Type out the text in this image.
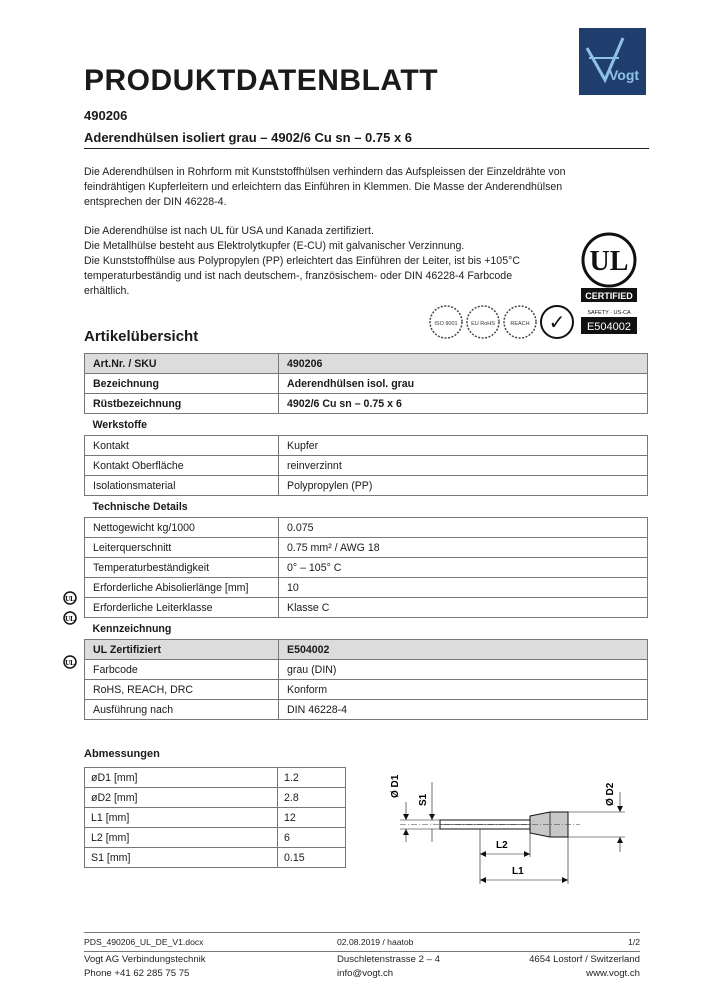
Vogt
PRODUKTDATENBLATT
490206
Aderendhülsen isoliert grau – 4902/6 Cu sn – 0.75 x 6
Die Aderendhülsen in Rohrform mit Kunststoffhülsen verhindern das Aufspleissen der Einzeldrähte von
feindrähtigen Kupferleitern und erleichtern das Einführen in Klemmen. Die Masse der Anderendhülsen
entsprechen der DIN 46228-4.
Die Aderendhülse ist nach UL für USA und Kanada zertifiziert.
Die Metallhülse besteht aus Elektrolytkupfer (E-CU) mit galvanischer Verzinnung.
Die Kunststoffhülse aus Polypropylen (PP) erleichtert das Einführen der Leiter, ist bis +105°C
temperaturbeständig und ist nach deutschem-, französischem- oder DIN 46228-4 Farbcode
erhältlich.
UL
CERTIFIED
SAFETY · US-CA
E504002
ISO 9001 EU RoHS	REACH ✓
Artikelübersicht
Art.Nr. / SKU	490206
Bezeichnung	Aderendhülsen isol. grau
Rüstbezeichnung	4902/6 Cu sn – 0.75 x 6
Werkstoffe	
Kontakt	Kupfer
Kontakt Oberfläche	reinverzinnt
Isolationsmaterial	Polypropylen (PP)
Technische Details	
Nettogewicht kg/1000	0.075
Leiterquerschnitt	0.75 mm² / AWG 18
Temperaturbeständigkeit	0° – 105° C
Erforderliche Abisolierlänge [mm]	10
Erforderliche Leiterklasse	Klasse C
Kennzeichnung	
UL Zertifiziert	E504002
Farbcode	grau (DIN)
RoHS, REACH, DRC	Konform
Ausführung nach	DIN 46228-4
UL
UL
UL
Abmessungen
øD1 [mm]	1.2
øD2 [mm]	2.8
L1 [mm]	12
L2 [mm]	6
S1 [mm]	0.15
Ø D1
S1	Ø D2
L2
L1
PDS_490206_UL_DE_V1.docx	02.08.2019 / haatob	1/2
Vogt AG Verbindungstechnik	Duschletenstrasse 2 – 4	4654 Lostorf / Switzerland
Phone +41 62 285 75 75	info@vogt.ch	www.vogt.ch
